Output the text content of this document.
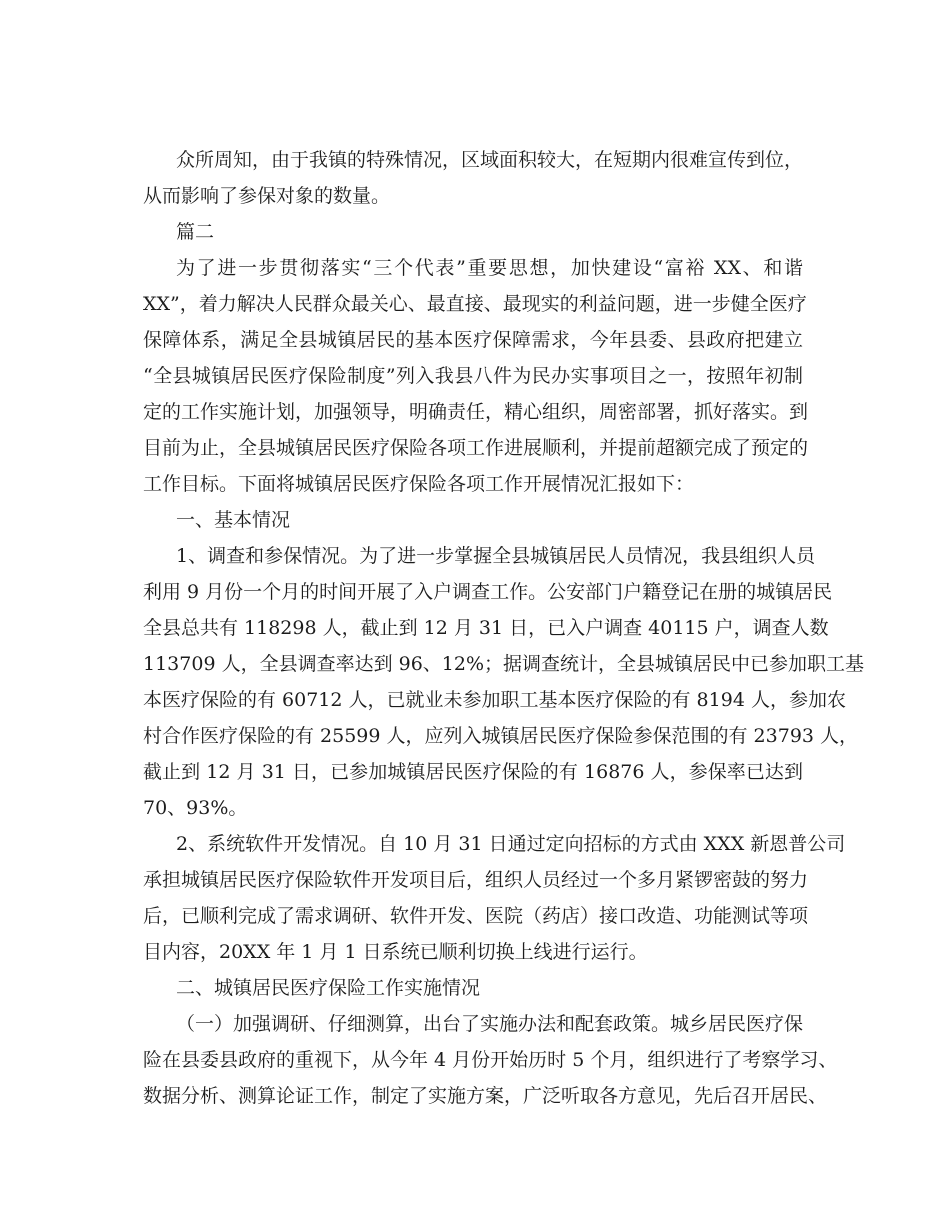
众所周知，由于我镇的特殊情况，区域面积较大，在短期内很难宣传到位，
从而影响了参保对象的数量。
篇二
为了进一步贯彻落实“三个代表”重要思想，加快建设“富裕 XX、和谐
XX”，着力解决人民群众最关心、最直接、最现实的利益问题，进一步健全医疗
保障体系，满足全县城镇居民的基本医疗保障需求，今年县委、县政府把建立
“全县城镇居民医疗保险制度”列入我县八件为民办实事项目之一，按照年初制
定的工作实施计划，加强领导，明确责任，精心组织，周密部署，抓好落实。到
目前为止，全县城镇居民医疗保险各项工作进展顺利，并提前超额完成了预定的
工作目标。下面将城镇居民医疗保险各项工作开展情况汇报如下：
一、基本情况
1、调查和参保情况。为了进一步掌握全县城镇居民人员情况，我县组织人员
利用 9 月份一个月的时间开展了入户调查工作。公安部门户籍登记在册的城镇居民
全县总共有 118298 人，截止到 12 月 31 日，已入户调查 40115 户，调查人数
113709 人，全县调查率达到 96、12%；据调查统计，全县城镇居民中已参加职工基
本医疗保险的有 60712 人，已就业未参加职工基本医疗保险的有 8194 人，参加农
村合作医疗保险的有 25599 人，应列入城镇居民医疗保险参保范围的有 23793 人，
截止到 12 月 31 日，已参加城镇居民医疗保险的有 16876 人，参保率已达到
70、93%。
2、系统软件开发情况。自 10 月 31 日通过定向招标的方式由 XXX 新恩普公司
承担城镇居民医疗保险软件开发项目后，组织人员经过一个多月紧锣密鼓的努力
后，已顺利完成了需求调研、软件开发、医院（药店）接口改造、功能测试等项
目内容，20XX 年 1 月 1 日系统已顺利切换上线进行运行。
二、城镇居民医疗保险工作实施情况
（一）加强调研、仔细测算，出台了实施办法和配套政策。城乡居民医疗保
险在县委县政府的重视下，从今年 4 月份开始历时 5 个月，组织进行了考察学习、
数据分析、测算论证工作，制定了实施方案，广泛听取各方意见，先后召开居民、
